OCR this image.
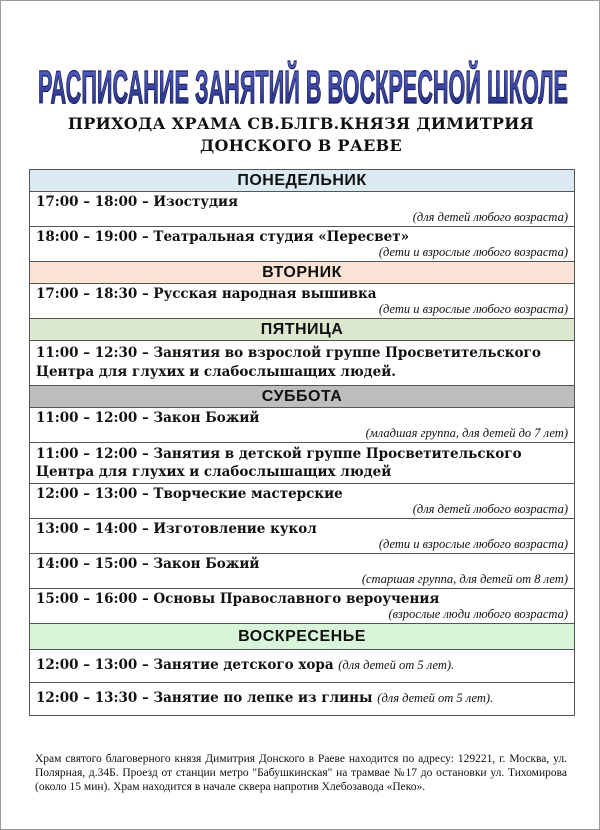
РАСПИСАНИЕ ЗАНЯТИЙ В ВОСКРЕСНОЙ ШКОЛЕ
ПРИХОДА ХРАМА СВ.БЛГВ.КНЯЗЯ ДИМИТРИЯ
ДОНСКОГО В РАЕВЕ
ПОНЕДЕЛЬНИК
17:00 – 18:00 – Изостудия
(для детей любого возраста)
18:00 – 19:00 – Театральная студия «Пересвет»
(дети и взрослые любого возраста)
ВТОРНИК
17:00 – 18:30 – Русская народная вышивка
(дети и взрослые любого возраста)
ПЯТНИЦА
11:00 – 12:30 – Занятия во взрослой группе Просветительского Центра для глухих и слабослышащих людей.
СУББОТА
11:00 – 12:00 – Закон Божий
(младшая группа, для детей до 7 лет)
11:00 – 12:00 – Занятия в детской группе Просветительского Центра для глухих и слабослышащих людей
12:00 – 13:00 – Творческие мастерские
(для детей любого возраста)
13:00 – 14:00 – Изготовление кукол
(дети и взрослые любого возраста)
14:00 – 15:00 – Закон Божий
(старшая группа, для детей от 8 лет)
15:00 – 16:00 – Основы Православного вероучения
(взрослые люди любого возраста)
ВОСКРЕСЕНЬЕ
12:00 – 13:00 – Занятие детского хора (для детей от 5 лет).
12:00 – 13:30 – Занятие по лепке из глины (для детей от 5 лет).
Храм святого благоверного князя Димитрия Донского в Раеве находится по адресу: 129221, г. Москва, ул. Полярная, д.34Б. Проезд от станции метро "Бабушкинская" на трамвае №17 до остановки ул. Тихомирова (около 15 мин). Храм находится в начале сквера напротив Хлебозавода «Пеко».
